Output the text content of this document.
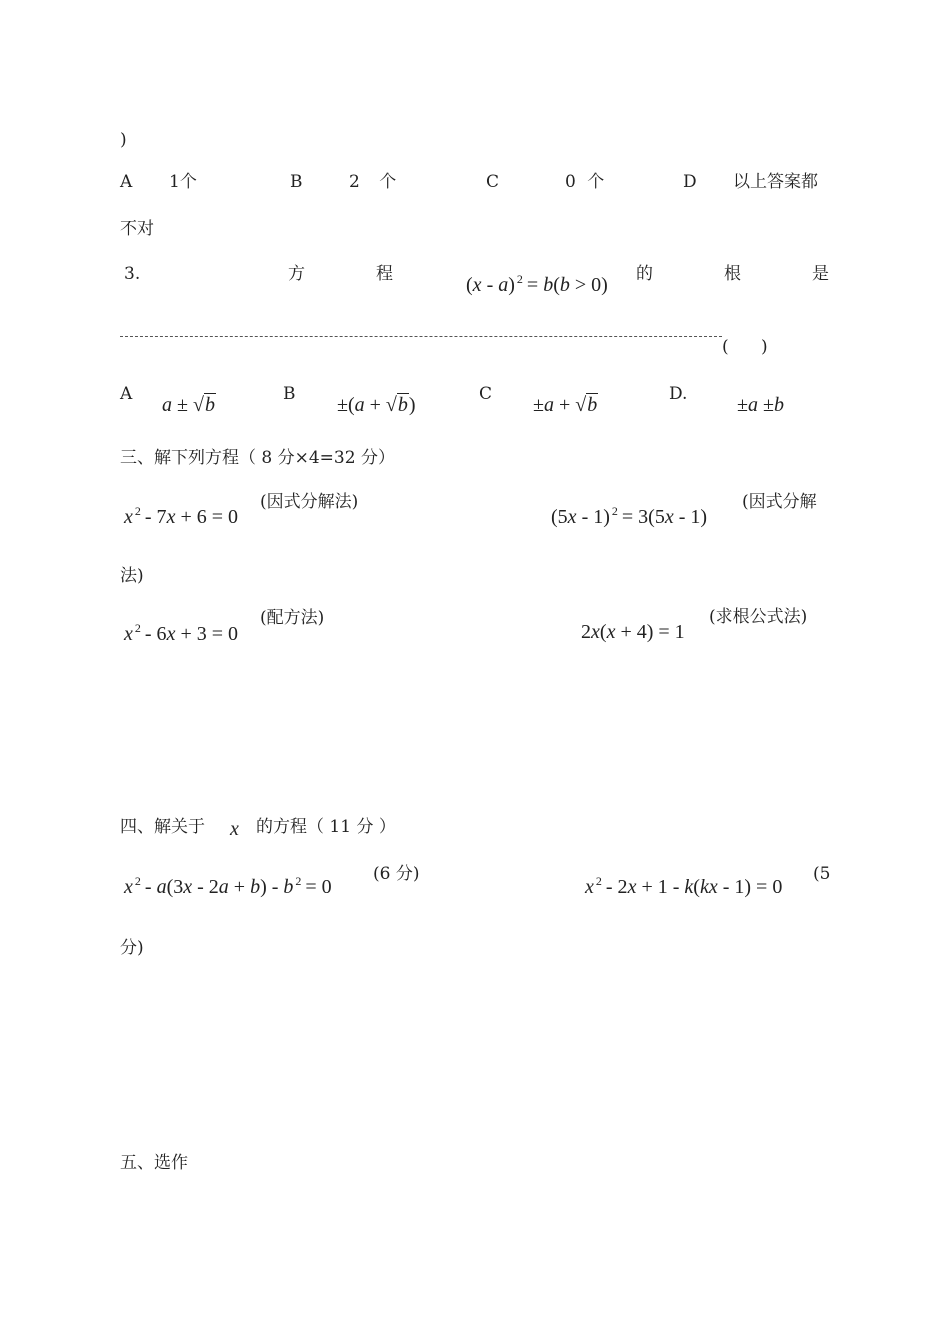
)
A 1个	B	2 个	C	0 个	D 以上答案都
不对
3.	方	程	(x - a) $^2$ = b(b > 0) 的	根	是
(      )
A a ± √b	B ±(a + √b)	C ±a + √b	D. ±a ±b
三、解下列方程（ 8 分×4=32 分）
x $^2$ - 7x + 6 = 0
(因式分解法)
(5x - 1) $^2$ = 3(5x - 1)
(因式分解
法)
x $^2$ - 6x + 3 = 0
(配方法)
2x(x + 4) = 1
(求根公式法)
四、解关于 x 的方程（ 11 分 ）
x $^2$ - a(3x - 2a + b) - b $^2$ = 0
(6 分)
x $^2$ - 2x + 1 - k(kx - 1) = 0
(5
分)
五、选作
